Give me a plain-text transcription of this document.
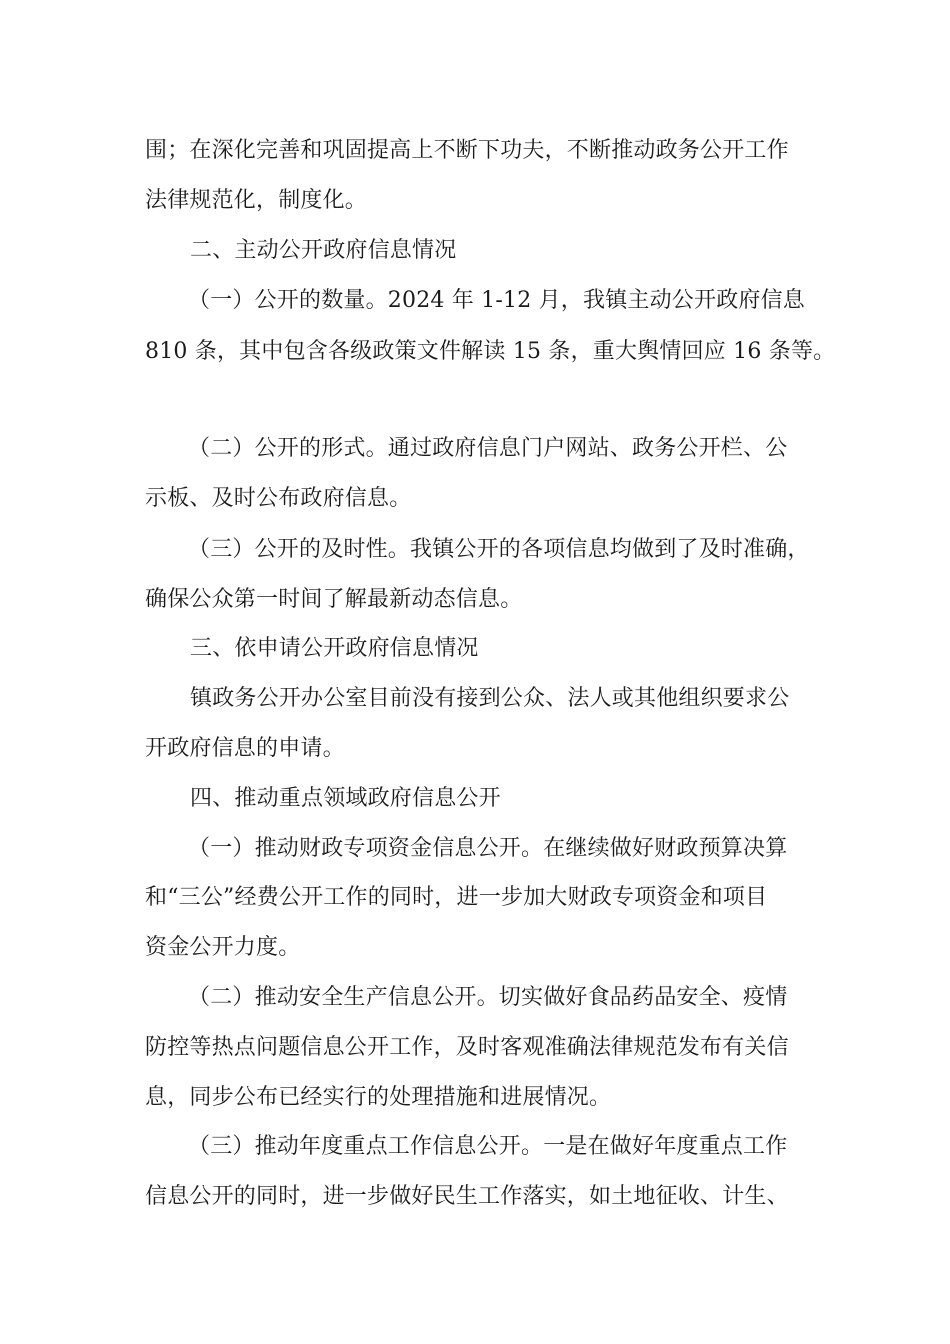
围；在深化完善和巩固提高上不断下功夫，不断推动政务公开工作
法律规范化，制度化。
二、主动公开政府信息情况
（一）公开的数量。2024 年 1-12 月，我镇主动公开政府信息
810 条，其中包含各级政策文件解读 15 条，重大舆情回应 16 条等。
（二）公开的形式。通过政府信息门户网站、政务公开栏、公
示板、及时公布政府信息。
（三）公开的及时性。我镇公开的各项信息均做到了及时准确，
确保公众第一时间了解最新动态信息。
三、依申请公开政府信息情况
镇政务公开办公室目前没有接到公众、法人或其他组织要求公
开政府信息的申请。
四、推动重点领域政府信息公开
（一）推动财政专项资金信息公开。在继续做好财政预算决算
和“三公”经费公开工作的同时，进一步加大财政专项资金和项目
资金公开力度。
（二）推动安全生产信息公开。切实做好食品药品安全、疫情
防控等热点问题信息公开工作，及时客观准确法律规范发布有关信
息，同步公布已经实行的处理措施和进展情况。
（三）推动年度重点工作信息公开。一是在做好年度重点工作
信息公开的同时，进一步做好民生工作落实，如土地征收、计生、
